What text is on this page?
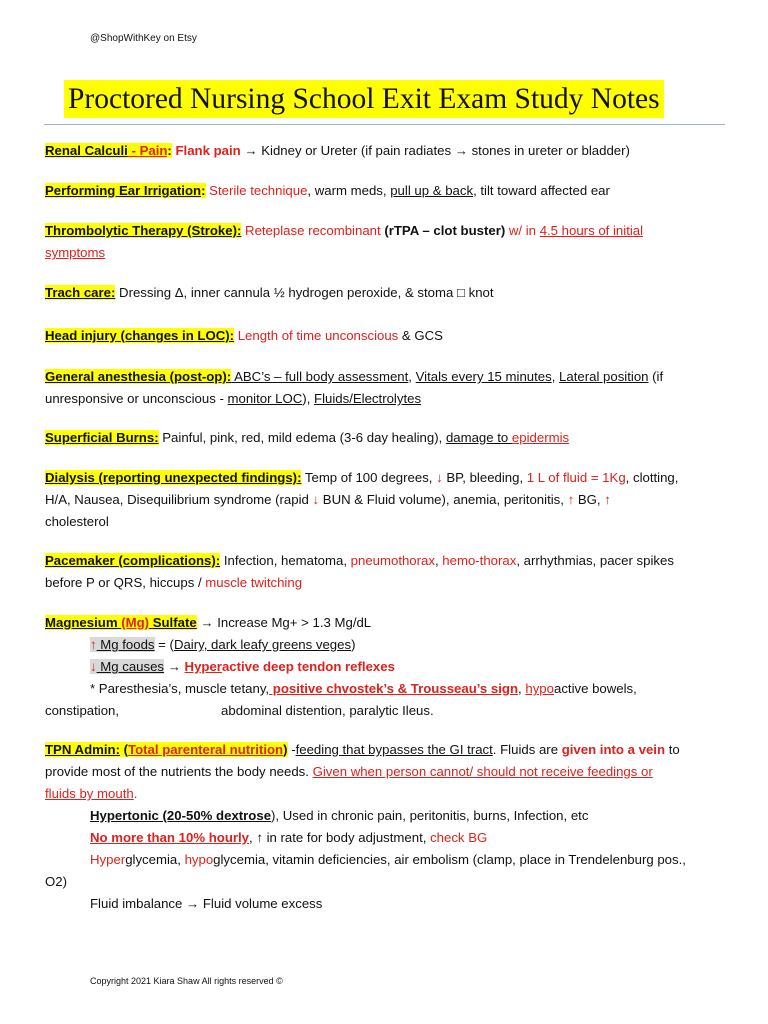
@ShopWithKey on Etsy
Proctored Nursing School Exit Exam Study Notes

Renal Calculi - Pain: Flank pain → Kidney or Ureter (if pain radiates → stones in ureter or bladder)

Performing Ear Irrigation: Sterile technique, warm meds, pull up & back, tilt toward affected ear

Thrombolytic Therapy (Stroke): Reteplase recombinant (rTPA – clot buster) w/ in 4.5 hours of initial
symptoms

Trach care: Dressing Δ, inner cannula ½ hydrogen peroxide, & stoma □ knot

Head injury (changes in LOC): Length of time unconscious & GCS

General anesthesia (post-op): ABC’s – full body assessment, Vitals every 15 minutes, Lateral position (if
unresponsive or unconscious - monitor LOC), Fluids/Electrolytes

Superficial Burns: Painful, pink, red, mild edema (3-6 day healing), damage to epidermis

Dialysis (reporting unexpected findings): Temp of 100 degrees, ↓ BP, bleeding, 1 L of fluid = 1Kg, clotting,
H/A, Nausea, Disequilibrium syndrome (rapid ↓ BUN & Fluid volume), anemia, peritonitis, ↑ BG, ↑
cholesterol

Pacemaker (complications): Infection, hematoma, pneumothorax, hemo-thorax, arrhythmias, pacer spikes
before P or QRS, hiccups / muscle twitching

Magnesium (Mg) Sulfate → Increase Mg+ > 1.3 Mg/dL
↑ Mg foods = (Dairy, dark leafy greens veges)
↓ Mg causes → Hyperactive deep tendon reflexes
* Paresthesia’s, muscle tetany, positive chvostek’s & Trousseau’s sign, hypoactive bowels,
constipation,	abdominal distention, paralytic Ileus.
TPN Admin: (Total parenteral nutrition) -feeding that bypasses the GI tract. Fluids are given into a vein to
provide most of the nutrients the body needs. Given when person cannot/ should not receive feedings or
fluids by mouth.
Hypertonic (20-50% dextrose), Used in chronic pain, peritonitis, burns, Infection, etc
No more than 10% hourly, ↑ in rate for body adjustment, check BG
Hyperglycemia, hypoglycemia, vitamin deficiencies, air embolism (clamp, place in Trendelenburg pos.,
O2)
Fluid imbalance → Fluid volume excess
Copyright 2021 Kiara Shaw All rights reserved ©
